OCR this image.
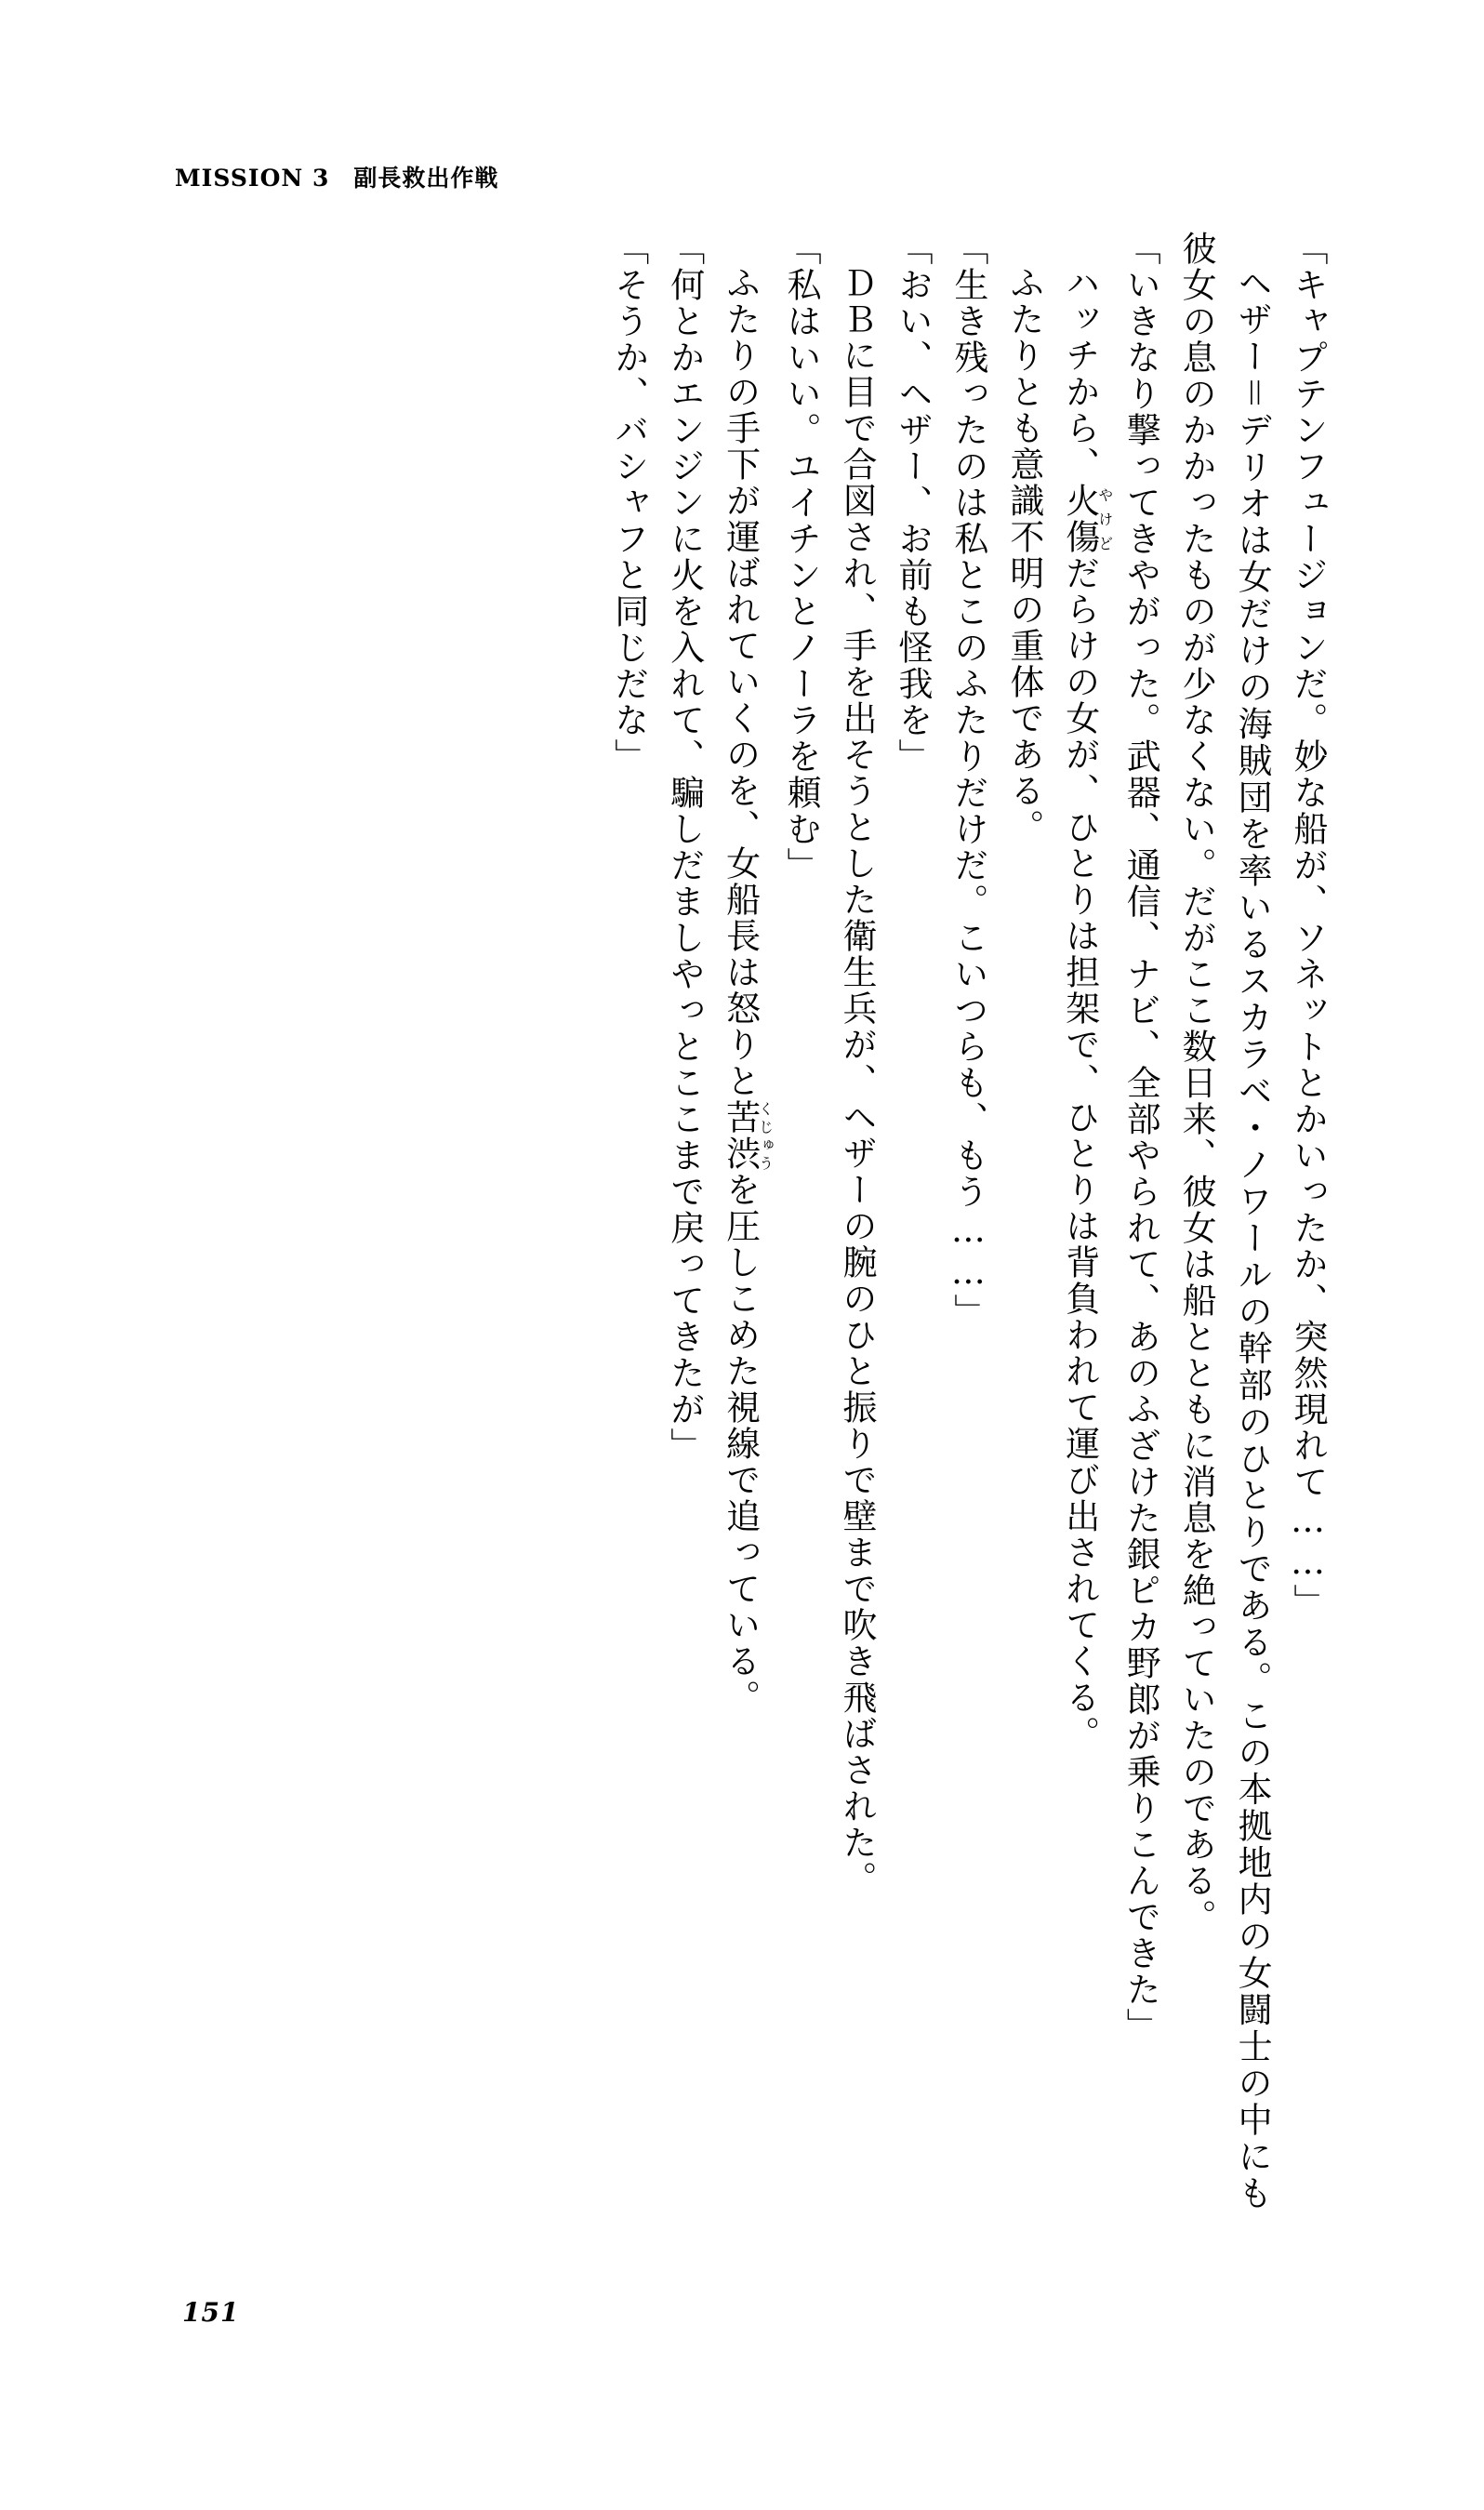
MISSION 3 副長救出作戦

「キャプテンフュージョンだ。妙な船が、ソネットとかいったか、突然現れて……」

ヘザー＝デリオは女だけの海賊団を率いるスカラベ・ノワールの幹部のひとりである。この本拠地内の女闘士の中にも彼女の息のかかったものが少なくない。だがここ数日来、彼女は船とともに消息を絶っていたのである。

「いきなり撃ってきやがった。武器、通信、ナビ、全部やられて、あのふざけた銀ピカ野郎が乗りこんできた」

ハッチから、火傷やけどだらけの女が、ひとりは担架で、ひとりは背負われて運び出されてくる。

ふたりとも意識不明の重体である。

「生き残ったのは私とこのふたりだけだ。こいつらも、もう……」

「おい、ヘザー、お前も怪我を」

ＤＢに目で合図され、手を出そうとした衛生兵が、ヘザーの腕のひと振りで壁まで吹き飛ばされた。

「私はいい。ユイチンとノーラを頼む」

ふたりの手下が運ばれていくのを、女船長は怒りと苦渋くじゅうを圧しこめた視線で追っている。

「何とかエンジンに火を入れて、騙しだましやっとここまで戻ってきたが」

「そうか、バシャフと同じだな」

151
